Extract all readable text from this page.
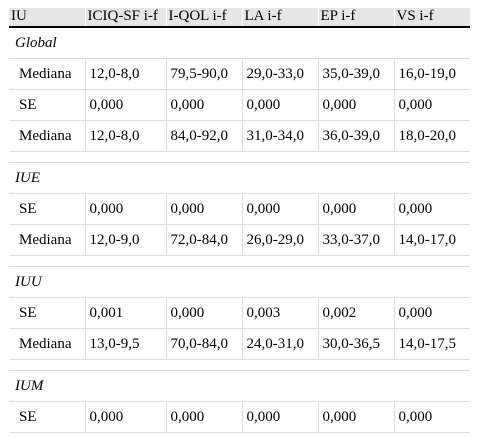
IU	ICIQ-SF i-f	I-QOL i-f	LA i-f	EP i-f	VS i-f
Global					
Mediana	12,0-8,0	79,5-90,0	29,0-33,0	35,0-39,0	16,0-19,0
SE	0,000	0,000	0,000	0,000	0,000
Mediana	12,0-8,0	84,0-92,0	31,0-34,0	36,0-39,0	18,0-20,0

IUE					
SE	0,000	0,000	0,000	0,000	0,000
Mediana	12,0-9,0	72,0-84,0	26,0-29,0	33,0-37,0	14,0-17,0

IUU					
SE	0,001	0,000	0,003	0,002	0,000
Mediana	13,0-9,5	70,0-84,0	24,0-31,0	30,0-36,5	14,0-17,5

IUM					
SE	0,000	0,000	0,000	0,000	0,000
